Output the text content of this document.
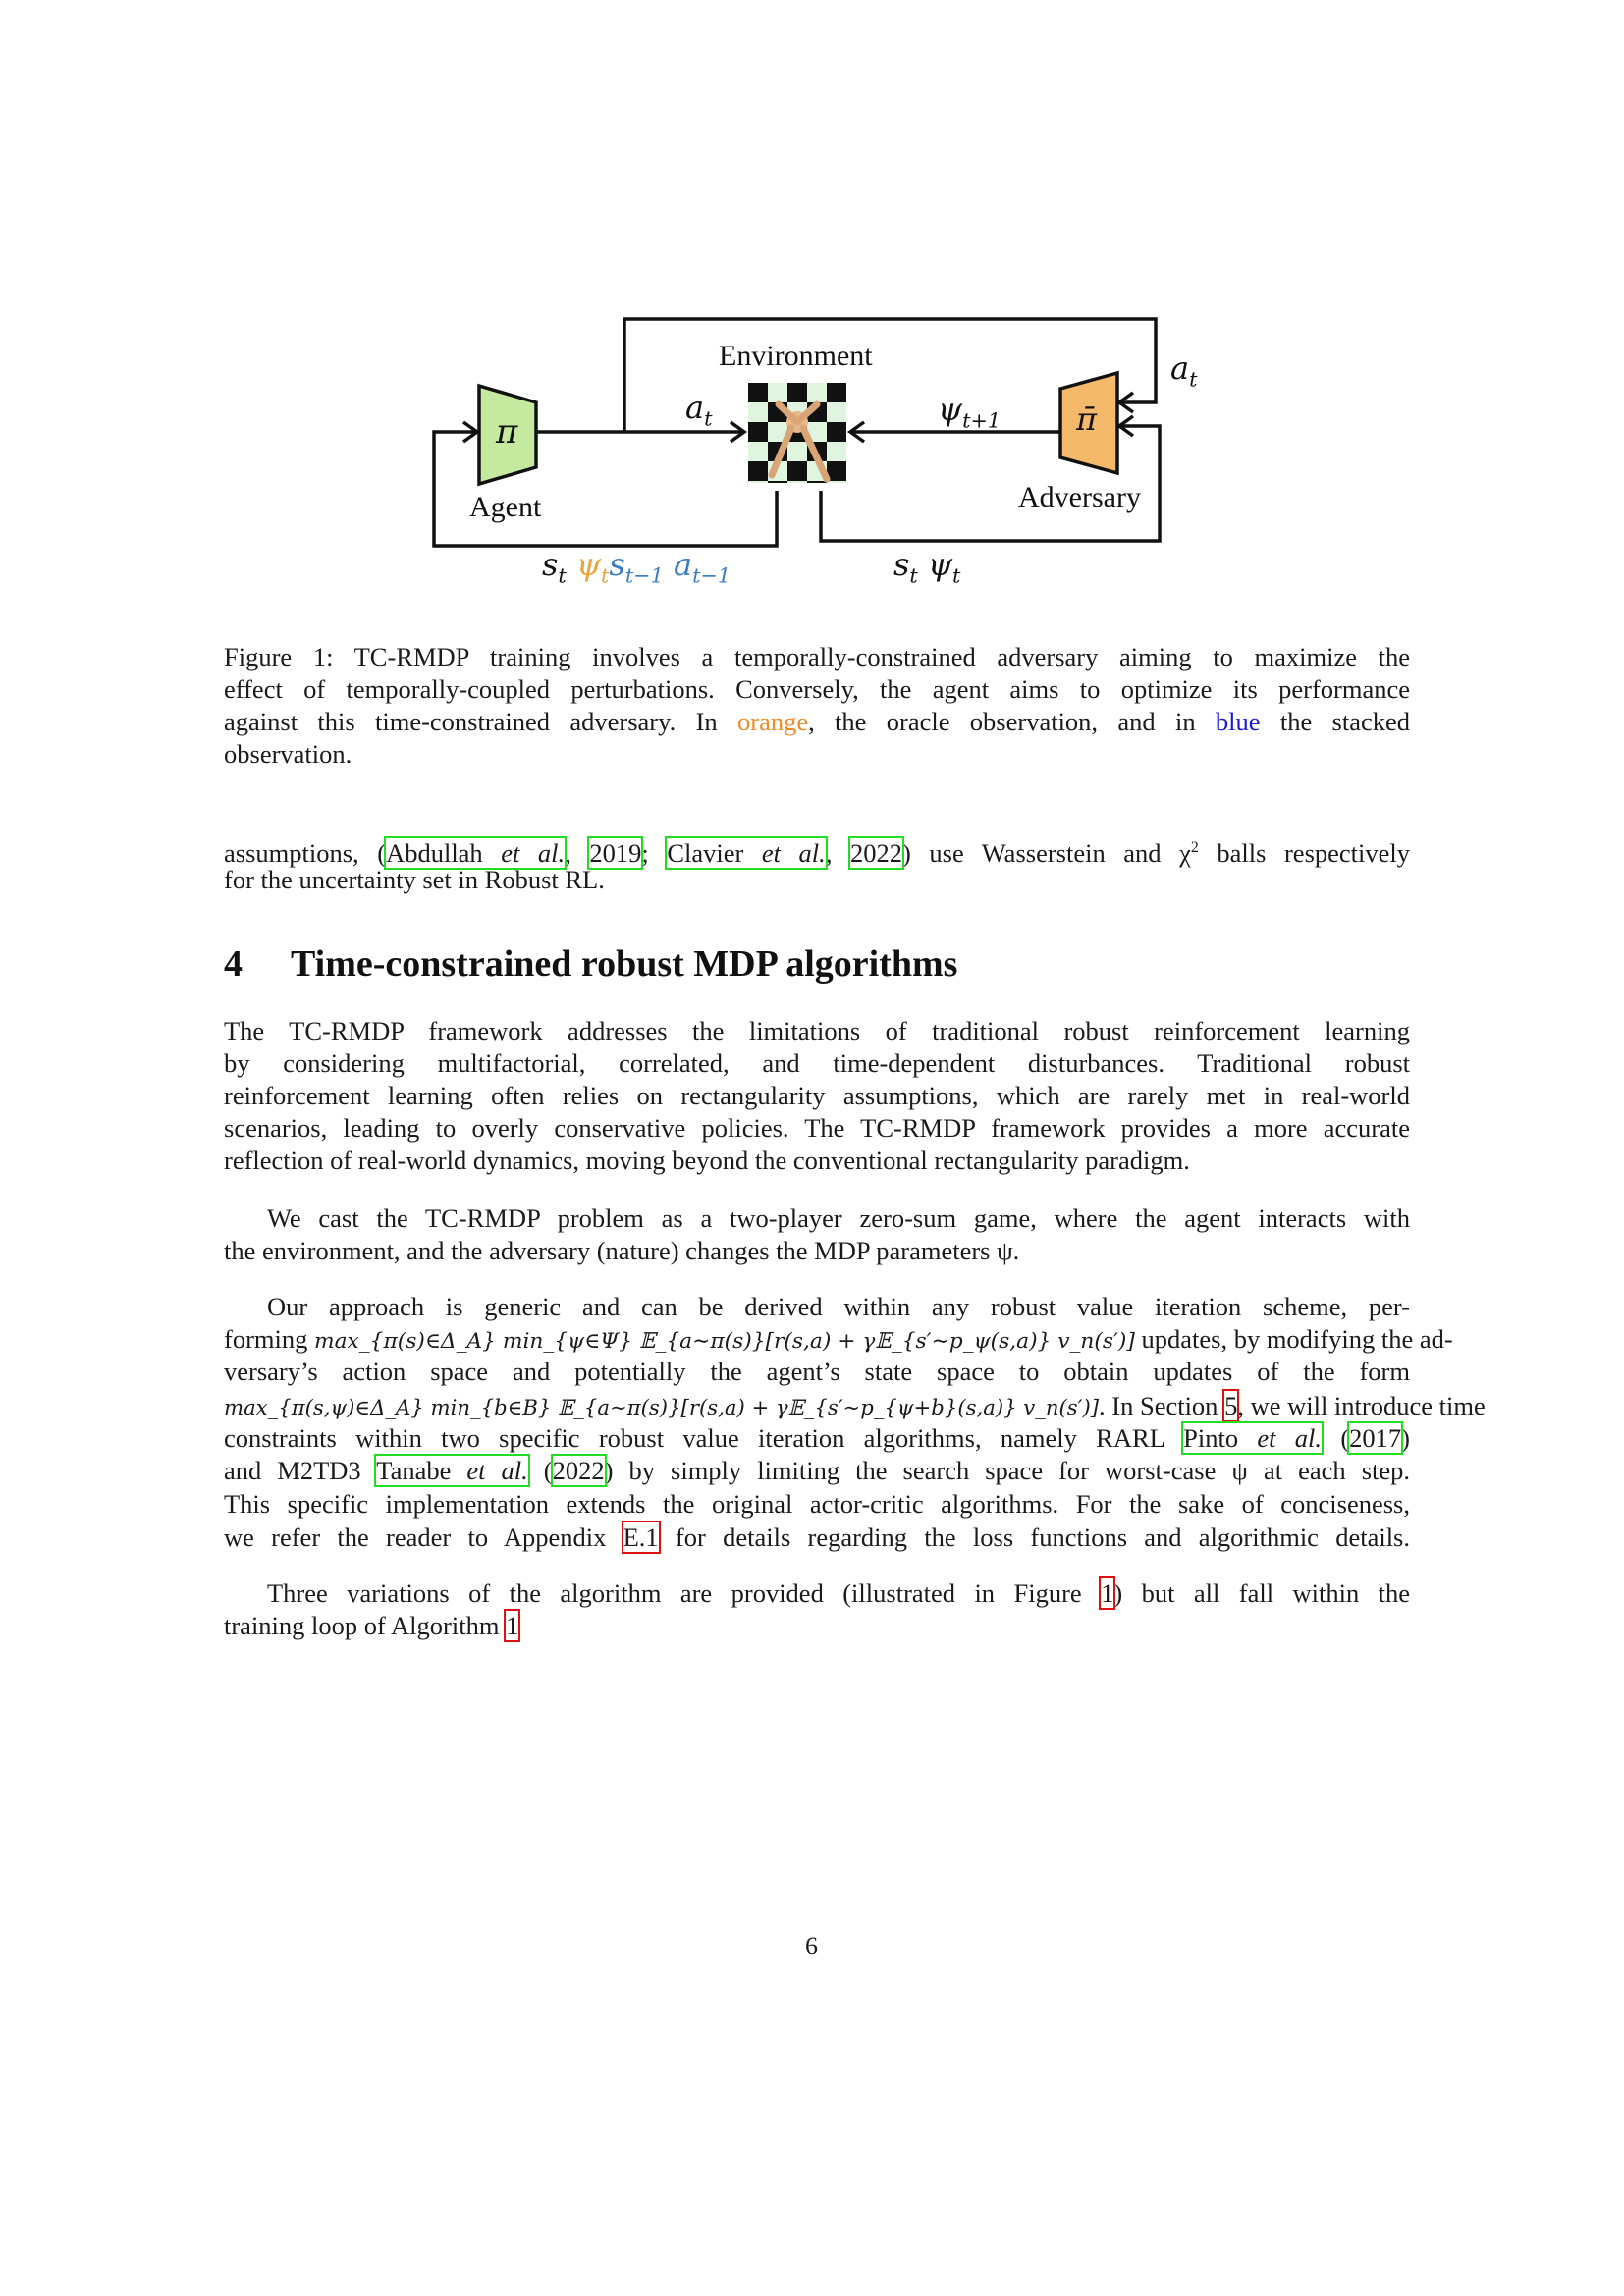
Environment
Agent	Adversary
π	π̄
$a_t$	$\psi_{t+1}$
$a_t$
$s_t$ $\psi_ts_{t-1}$ $a_{t-1}$	$s_t$ $\psi_t$
Figure 1: TC-RMDP training involves a temporally-constrained adversary aiming to maximize the
effect of temporally-coupled perturbations. Conversely, the agent aims to optimize its performance
against this time-constrained adversary. In orange, the oracle observation, and in blue the stacked
observation.
assumptions, (Abdullah et al., 2019; Clavier et al., 2022) use Wasserstein and $\chi^2$ balls respectively
for the uncertainty set in Robust RL.
4 Time-constrained robust MDP algorithms
The TC-RMDP framework addresses the limitations of traditional robust reinforcement learning
by considering multifactorial, correlated, and time-dependent disturbances. Traditional robust
reinforcement learning often relies on rectangularity assumptions, which are rarely met in real-world
scenarios, leading to overly conservative policies. The TC-RMDP framework provides a more accurate
reflection of real-world dynamics, moving beyond the conventional rectangularity paradigm.
We cast the TC-RMDP problem as a two-player zero-sum game, where the agent interacts with
the environment, and the adversary (nature) changes the MDP parameters ψ.
Our approach is generic and can be derived within any robust value iteration scheme, per-
forming max_{π(s)∈Δ_A} min_{ψ∈Ψ} 𝔼_{a∼π(s)}[r(s,a) + γ𝔼_{s′∼p_ψ(s,a)} v_n(s′)] updates, by modifying the ad-
versary’s action space and potentially the agent’s state space to obtain updates of the form
max_{π(s,ψ)∈Δ_A} min_{b∈B} 𝔼_{a∼π(s)}[r(s,a) + γ𝔼_{s′∼p_{ψ+b}(s,a)} v_n(s′)]. In Section 5, we will introduce time
constraints within two specific robust value iteration algorithms, namely RARL Pinto et al. (2017)
and M2TD3 Tanabe et al. (2022) by simply limiting the search space for worst-case ψ at each step.
This specific implementation extends the original actor-critic algorithms. For the sake of conciseness,
we refer the reader to Appendix E.1 for details regarding the loss functions and algorithmic details.
Three variations of the algorithm are provided (illustrated in Figure 1) but all fall within the
training loop of Algorithm 1
6
